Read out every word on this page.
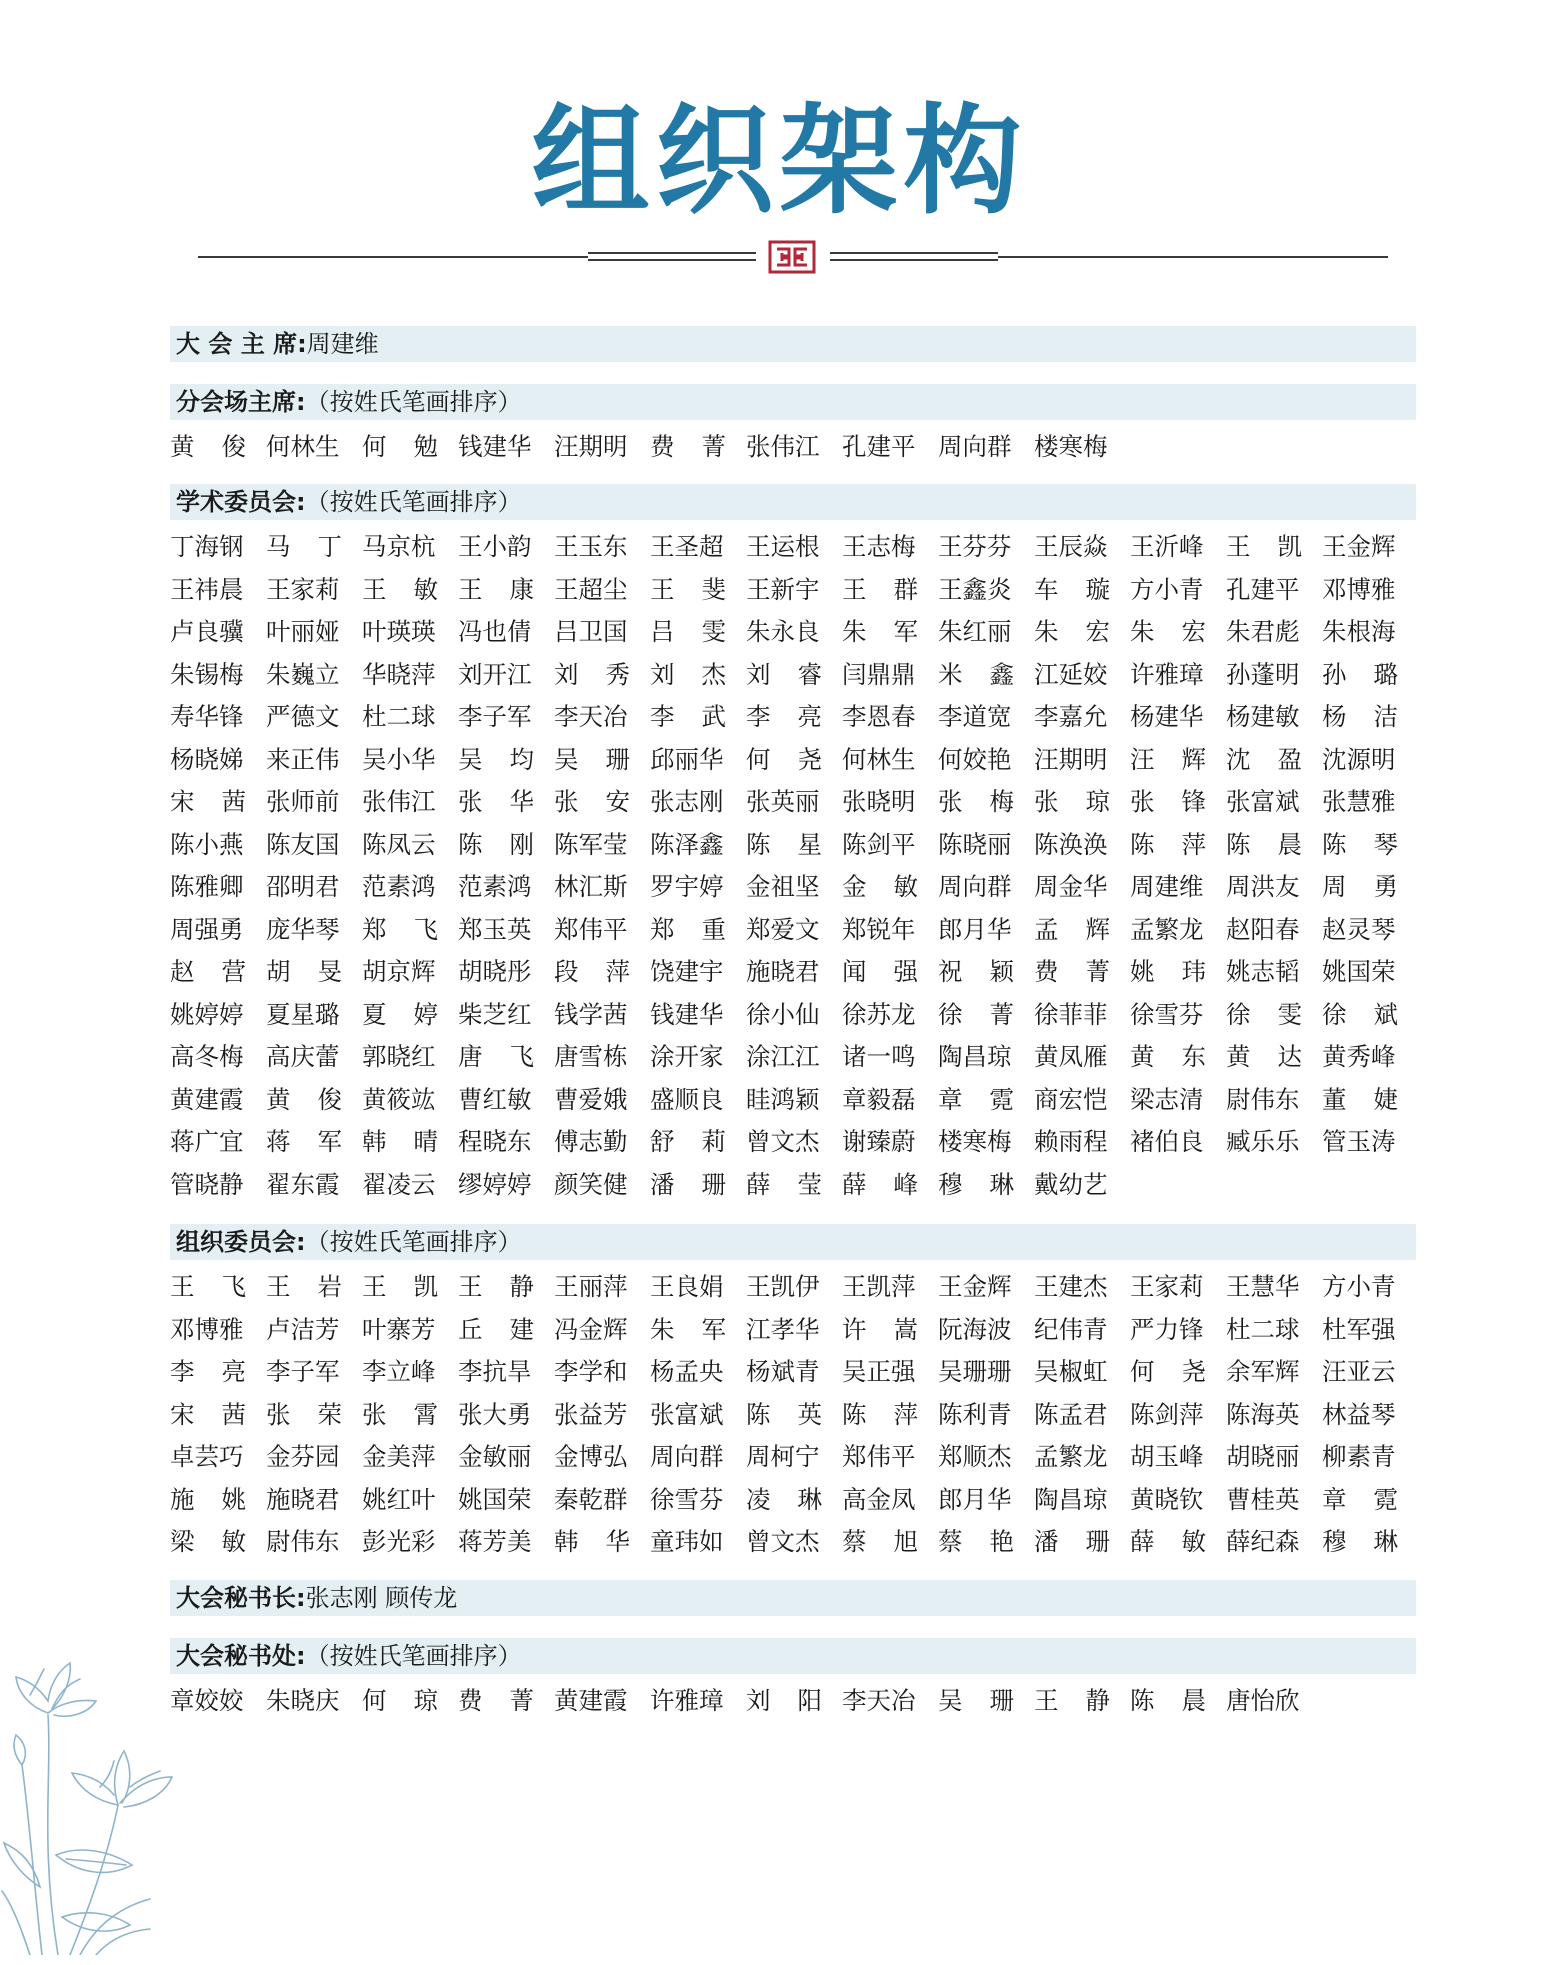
组织架构
大 会 主 席:周建维
分会场主席:（按姓氏笔画排序）
黄 俊 何林生 何 勉 钱建华 汪期明 费 菁 张伟江 孔建平 周向群 楼寒梅
学术委员会:（按姓氏笔画排序）
丁海钢 马 丁 马京杭 王小韵 王玉东 王圣超 王运根 王志梅 王芬芬 王辰焱 王沂峰 王 凯 王金辉
王祎晨 王家莉 王 敏 王 康 王超尘 王 斐 王新宇 王 群 王鑫炎 车 璇 方小青 孔建平 邓博雅
卢良骥 叶丽娅 叶瑛瑛 冯也倩 吕卫国 吕 雯 朱永良 朱 军 朱红丽 朱 宏 朱 宏 朱君彪 朱根海
朱锡梅 朱巍立 华晓萍 刘开江 刘 秀 刘 杰 刘 睿 闫鼎鼎 米 鑫 江延姣 许雅璋 孙蓬明 孙 璐
寿华锋 严德文 杜二球 李子军 李天冶 李 武 李 亮 李恩春 李道宽 李嘉允 杨建华 杨建敏 杨 洁
杨晓娣 来正伟 吴小华 吴 均 吴 珊 邱丽华 何 尧 何林生 何姣艳 汪期明 汪 辉 沈 盈 沈源明
宋 茜 张师前 张伟江 张 华 张 安 张志刚 张英丽 张晓明 张 梅 张 琼 张 锋 张富斌 张慧雅
陈小燕 陈友国 陈凤云 陈 刚 陈军莹 陈泽鑫 陈 星 陈剑平 陈晓丽 陈涣涣 陈 萍 陈 晨 陈 琴
陈雅卿 邵明君 范素鸿 范素鸿 林汇斯 罗宇婷 金祖坚 金 敏 周向群 周金华 周建维 周洪友 周 勇
周强勇 庞华琴 郑 飞 郑玉英 郑伟平 郑 重 郑爱文 郑锐年 郎月华 孟 辉 孟繁龙 赵阳春 赵灵琴
赵 营 胡 旻 胡京辉 胡晓彤 段 萍 饶建宇 施晓君 闻 强 祝 颖 费 菁 姚 玮 姚志韬 姚国荣
姚婷婷 夏星璐 夏 婷 柴芝红 钱学茜 钱建华 徐小仙 徐苏龙 徐 菁 徐菲菲 徐雪芬 徐 雯 徐 斌
高冬梅 高庆蕾 郭晓红 唐 飞 唐雪栋 涂开家 涂江江 诸一鸣 陶昌琼 黄凤雁 黄 东 黄 达 黄秀峰
黄建霞 黄 俊 黄筱竑 曹红敏 曹爱娥 盛顺良 眭鸿颖 章毅磊 章 霓 商宏恺 梁志清 尉伟东 董 婕
蒋广宜 蒋 军 韩 晴 程晓东 傅志勤 舒 莉 曾文杰 谢臻蔚 楼寒梅 赖雨程 褚伯良 臧乐乐 管玉涛
管晓静 翟东霞 翟凌云 缪婷婷 颜笑健 潘 珊 薛 莹 薛 峰 穆 琳 戴幼艺
组织委员会:（按姓氏笔画排序）
王 飞 王 岩 王 凯 王 静 王丽萍 王良娟 王凯伊 王凯萍 王金辉 王建杰 王家莉 王慧华 方小青
邓博雅 卢洁芳 叶寨芳 丘 建 冯金辉 朱 军 江孝华 许 嵩 阮海波 纪伟青 严力锋 杜二球 杜军强
李 亮 李子军 李立峰 李抗旱 李学和 杨孟央 杨斌青 吴正强 吴珊珊 吴椒虹 何 尧 余军辉 汪亚云
宋 茜 张 荣 张 霄 张大勇 张益芳 张富斌 陈 英 陈 萍 陈利青 陈孟君 陈剑萍 陈海英 林益琴
卓芸巧 金芬园 金美萍 金敏丽 金博弘 周向群 周柯宁 郑伟平 郑顺杰 孟繁龙 胡玉峰 胡晓丽 柳素青
施 姚 施晓君 姚红叶 姚国荣 秦乾群 徐雪芬 凌 琳 高金凤 郎月华 陶昌琼 黄晓钦 曹桂英 章 霓
梁 敏 尉伟东 彭光彩 蒋芳美 韩 华 童玮如 曾文杰 蔡 旭 蔡 艳 潘 珊 薛 敏 薛纪森 穆 琳
大会秘书长:张志刚 顾传龙
大会秘书处:（按姓氏笔画排序）
章姣姣 朱晓庆 何 琼 费 菁 黄建霞 许雅璋 刘 阳 李天冶 吴 珊 王 静 陈 晨 唐怡欣
